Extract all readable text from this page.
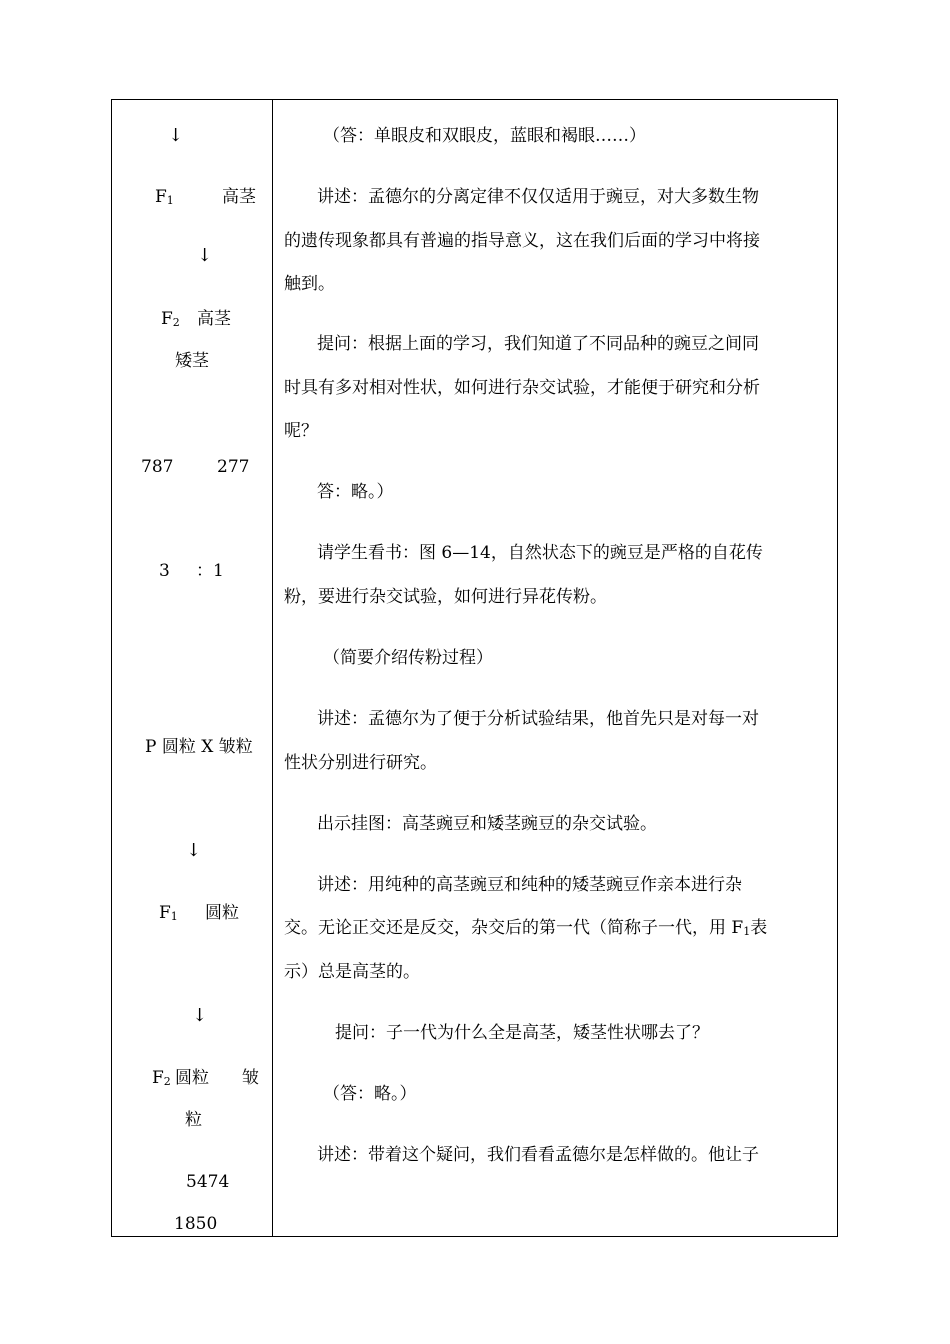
↓
$F_1$	高茎
↓
$F_2$ 高茎
矮茎
787	277
3 ：1
P 圆粒 X 皱粒
↓
$F_1$ 圆粒
↓
$F_2$ 圆粒 皱
粒
5474
1850
（答：单眼皮和双眼皮，蓝眼和褐眼……）
讲述：孟德尔的分离定律不仅仅适用于豌豆，对大多数生物
的遗传现象都具有普遍的指导意义，这在我们后面的学习中将接
触到。
提问：根据上面的学习，我们知道了不同品种的豌豆之间同
时具有多对相对性状，如何进行杂交试验，才能便于研究和分析
呢？
答：略。）
请学生看书：图 6—14，自然状态下的豌豆是严格的自花传
粉，要进行杂交试验，如何进行异花传粉。
（简要介绍传粉过程）
讲述：孟德尔为了便于分析试验结果，他首先只是对每一对
性状分别进行研究。
出示挂图：高茎豌豆和矮茎豌豆的杂交试验。
讲述：用纯种的高茎豌豆和纯种的矮茎豌豆作亲本进行杂
交。无论正交还是反交，杂交后的第一代（简称子一代，用 $F_1$表
示）总是高茎的。
提问：子一代为什么全是高茎，矮茎性状哪去了？
（答：略。）
讲述：带着这个疑问，我们看看孟德尔是怎样做的。他让子
